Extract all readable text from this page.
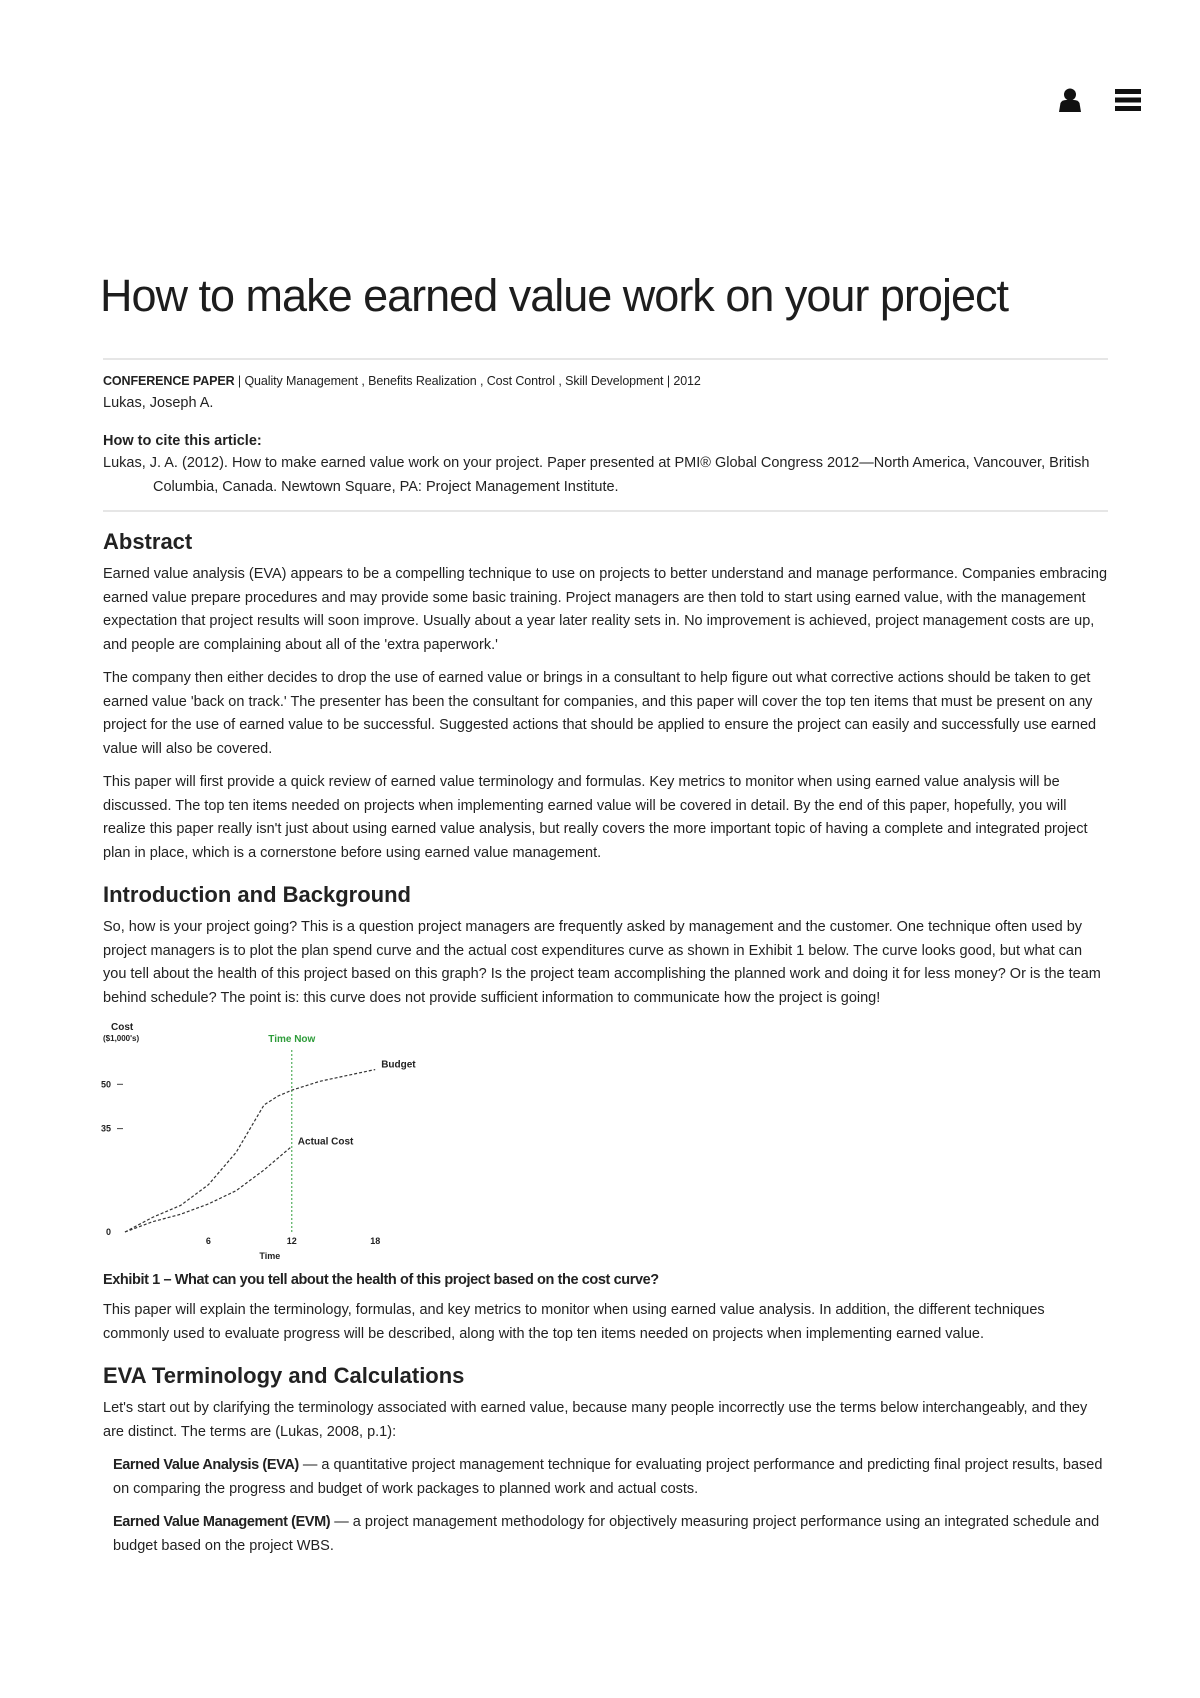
How to make earned value work on your project
CONFERENCE PAPER | Quality Management , Benefits Realization , Cost Control , Skill Development | 2012
Lukas, Joseph A.
How to cite this article:
Lukas, J. A. (2012). How to make earned value work on your project. Paper presented at PMI® Global Congress 2012—North America, Vancouver, British Columbia, Canada. Newtown Square, PA: Project Management Institute.
Abstract

Earned value analysis (EVA) appears to be a compelling technique to use on projects to better understand and manage performance. Companies embracing earned value prepare procedures and may provide some basic training. Project managers are then told to start using earned value, with the management expectation that project results will soon improve. Usually about a year later reality sets in. No improvement is achieved, project management costs are up, and people are complaining about all of the 'extra paperwork.'

The company then either decides to drop the use of earned value or brings in a consultant to help figure out what corrective actions should be taken to get earned value 'back on track.' The presenter has been the consultant for companies, and this paper will cover the top ten items that must be present on any project for the use of earned value to be successful. Suggested actions that should be applied to ensure the project can easily and successfully use earned value will also be covered.

This paper will first provide a quick review of earned value terminology and formulas. Key metrics to monitor when using earned value analysis will be discussed. The top ten items needed on projects when implementing earned value will be covered in detail. By the end of this paper, hopefully, you will realize this paper really isn't just about using earned value analysis, but really covers the more important topic of having a complete and integrated project plan in place, which is a cornerstone before using earned value management.

Introduction and Background

So, how is your project going? This is a question project managers are frequently asked by management and the customer. One technique often used by project managers is to plot the plan spend curve and the actual cost expenditures curve as shown in Exhibit 1 below. The curve looks good, but what can you tell about the health of this project based on this graph? Is the project team accomplishing the planned work and doing it for less money? Or is the team behind schedule? The point is: this curve does not provide sufficient information to communicate how the project is going!

Cost
($1,000's)
0
35
50
6	12	18
Time
Time Now
Budget
Actual Cost
Exhibit 1 – What can you tell about the health of this project based on the cost curve?

This paper will explain the terminology, formulas, and key metrics to monitor when using earned value analysis. In addition, the different techniques commonly used to evaluate progress will be described, along with the top ten items needed on projects when implementing earned value.

EVA Terminology and Calculations

Let's start out by clarifying the terminology associated with earned value, because many people incorrectly use the terms below interchangeably, and they are distinct. The terms are (Lukas, 2008, p.1):

Earned Value Analysis (EVA) — a quantitative project management technique for evaluating project performance and predicting final project results, based on comparing the progress and budget of work packages to planned work and actual costs.

Earned Value Management (EVM) — a project management methodology for objectively measuring project performance using an integrated schedule and budget based on the project WBS.
